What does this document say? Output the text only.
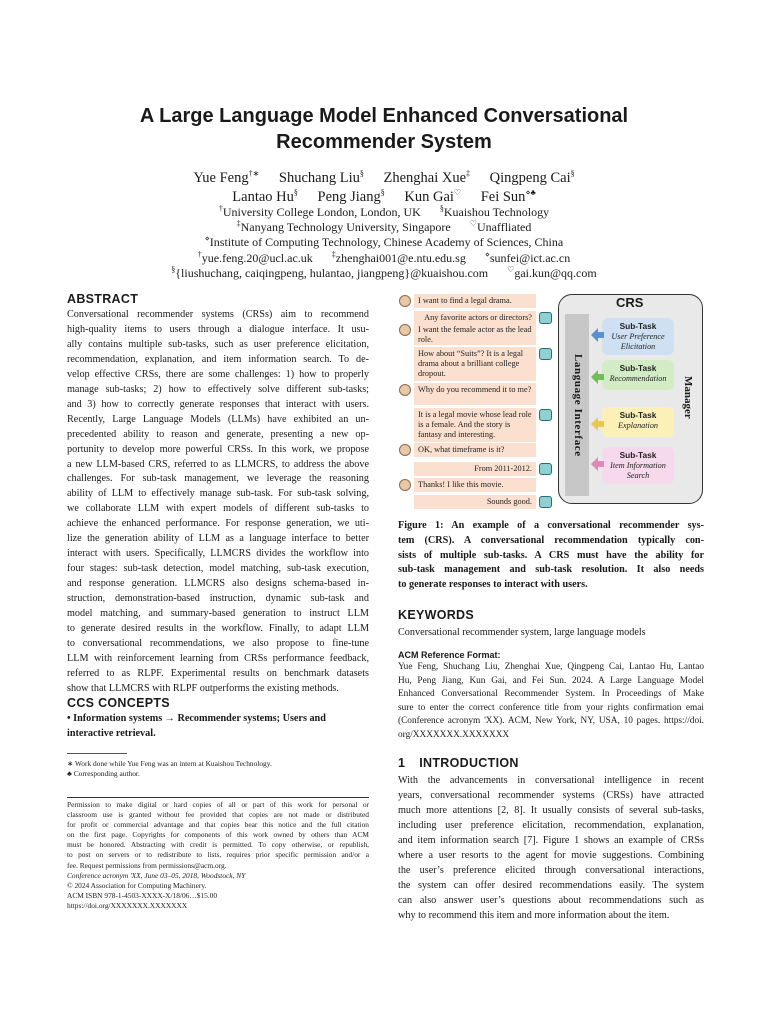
A Large Language Model Enhanced Conversational
Recommender System
Yue Feng†∗ Shuchang Liu§ Zhenghai Xue‡ Qingpeng Cai§
Lantao Hu§ Peng Jiang§ Kun Gai♡ Fei Sun⋄♣
†University College London, London, UK §Kuaishou Technology
‡Nanyang Technology University, Singapore ♡Unaffliated
⋄Institute of Computing Technology, Chinese Academy of Sciences, China
†yue.feng.20@ucl.ac.uk ‡zhenghai001@e.ntu.edu.sg ⋄sunfei@ict.ac.cn
§{liushuchang, caiqingpeng, hulantao, jiangpeng}@kuaishou.com ♡gai.kun@qq.com
ABSTRACT
Conversational recommender systems (CRSs) aim to recommend
high-quality items to users through a dialogue interface. It usu-
ally contains multiple sub-tasks, such as user preference elicitation,
recommendation, explanation, and item information search. To de-
velop effective CRSs, there are some challenges: 1) how to properly
manage sub-tasks; 2) how to effectively solve different sub-tasks;
and 3) how to correctly generate responses that interact with users.
Recently, Large Language Models (LLMs) have exhibited an un-
precedented ability to reason and generate, presenting a new op-
portunity to develop more powerful CRSs. In this work, we propose
a new LLM-based CRS, referred to as LLMCRS, to address the above
challenges. For sub-task management, we leverage the reasoning
ability of LLM to effectively manage sub-task. For sub-task solving,
we collaborate LLM with expert models of different sub-tasks to
achieve the enhanced performance. For response generation, we uti-
lize the generation ability of LLM as a language interface to better
interact with users. Specifically, LLMCRS divides the workflow into
four stages: sub-task detection, model matching, sub-task execution,
and response generation. LLMCRS also designs schema-based in-
struction, demonstration-based instruction, dynamic sub-task and
model matching, and summary-based generation to instruct LLM
to generate desired results in the workflow. Finally, to adapt LLM
to conversational recommendations, we also propose to fine-tune
LLM with reinforcement learning from CRSs performance feedback,
referred to as RLPF. Experimental results on benchmark datasets
show that LLMCRS with RLPF outperforms the existing methods.
CCS CONCEPTS
• Information systems → Recommender systems; Users and
interactive retrieval.
∗ Work done while Yue Feng was an intern at Kuaishou Technology.
♣ Corresponding author.
Permission to make digital or hard copies of all or part of this work for personal or
classroom use is granted without fee provided that copies are not made or distributed
for profit or commercial advantage and that copies bear this notice and the full citation
on the first page. Copyrights for components of this work owned by others than ACM
must be honored. Abstracting with credit is permitted. To copy otherwise, or republish,
to post on servers or to redistribute to lists, requires prior specific permission and/or a
fee. Request permissions from permissions@acm.org.
Conference acronym 'XX, June 03–05, 2018, Woodstock, NY
© 2024 Association for Computing Machinery.
ACM ISBN 978-1-4503-XXXX-X/18/06…$15.00
https://doi.org/XXXXXXX.XXXXXXX
CRS
Language Interface	Manager
I want to find a legal drama.
Any favorite actors or directors?
I want the female actor as the lead role.
How about “Suits”? It is a legal drama about a brilliant college dropout.
Why do you recommend it to me?
It is a legal movie whose lead role is a female. And the story is fantasy and interesting.
OK, what timeframe is it?
From 2011-2012.
Thanks! I like this movie.
Sounds good.
Sub-Task
User Preference Elicitation
Sub-Task
Recommendation
Sub-Task
Explanation
Sub-Task
Item Information Search
Figure 1: An example of a conversational recommender sys-
tem (CRS). A conversational recommendation typically con-
sists of multiple sub-tasks. A CRS must have the ability for
sub-task management and sub-task resolution. It also needs
to generate responses to interact with users.
KEYWORDS
Conversational recommender system, large language models
ACM Reference Format:
Yue Feng, Shuchang Liu, Zhenghai Xue, Qingpeng Cai, Lantao Hu, Lantao
Hu, Peng Jiang, Kun Gai, and Fei Sun. 2024. A Large Language Model
Enhanced Conversational Recommender System. In Proceedings of Make
sure to enter the correct conference title from your rights confirmation emai
(Conference acronym 'XX). ACM, New York, NY, USA, 10 pages. https://doi.
org/XXXXXXX.XXXXXXX
1 INTRODUCTION
With the advancements in conversational intelligence in recent
years, conversational recommender systems (CRSs) have attracted
much more attentions [2, 8]. It usually consists of several sub-tasks,
including user preference elicitation, recommendation, explanation,
and item information search [7]. Figure 1 shows an example of CRSs
where a user resorts to the agent for movie suggestions. Combining
the user’s preference elicited through conversational interactions,
the system can offer desired recommendations easily. The system
can also answer user’s questions about recommendations such as
why to recommend this item and more information about the item.
